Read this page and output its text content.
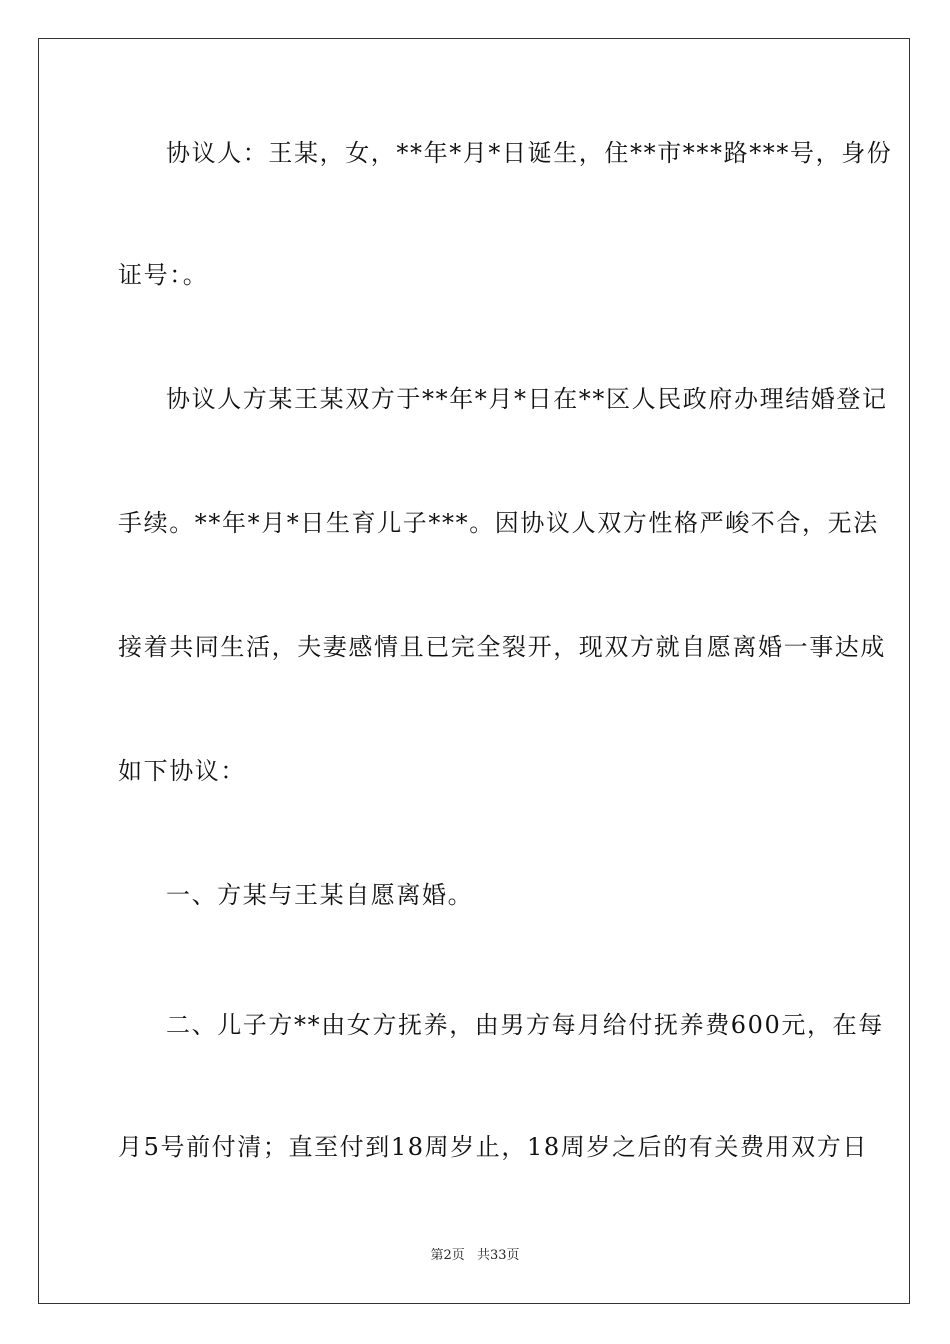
协议人：王某，女，**年*月*日诞生，住**市***路***号，身份
证号：。
协议人方某王某双方于**年*月*日在**区人民政府办理结婚登记
手续。**年*月*日生育儿子***。因协议人双方性格严峻不合，无法
接着共同生活，夫妻感情且已完全裂开，现双方就自愿离婚一事达成
如下协议：
一、方某与王某自愿离婚。
二、儿子方**由女方抚养，由男方每月给付抚养费600元，在每
月5号前付清；直至付到18周岁止，18周岁之后的有关费用双方日
第2页 共33页
